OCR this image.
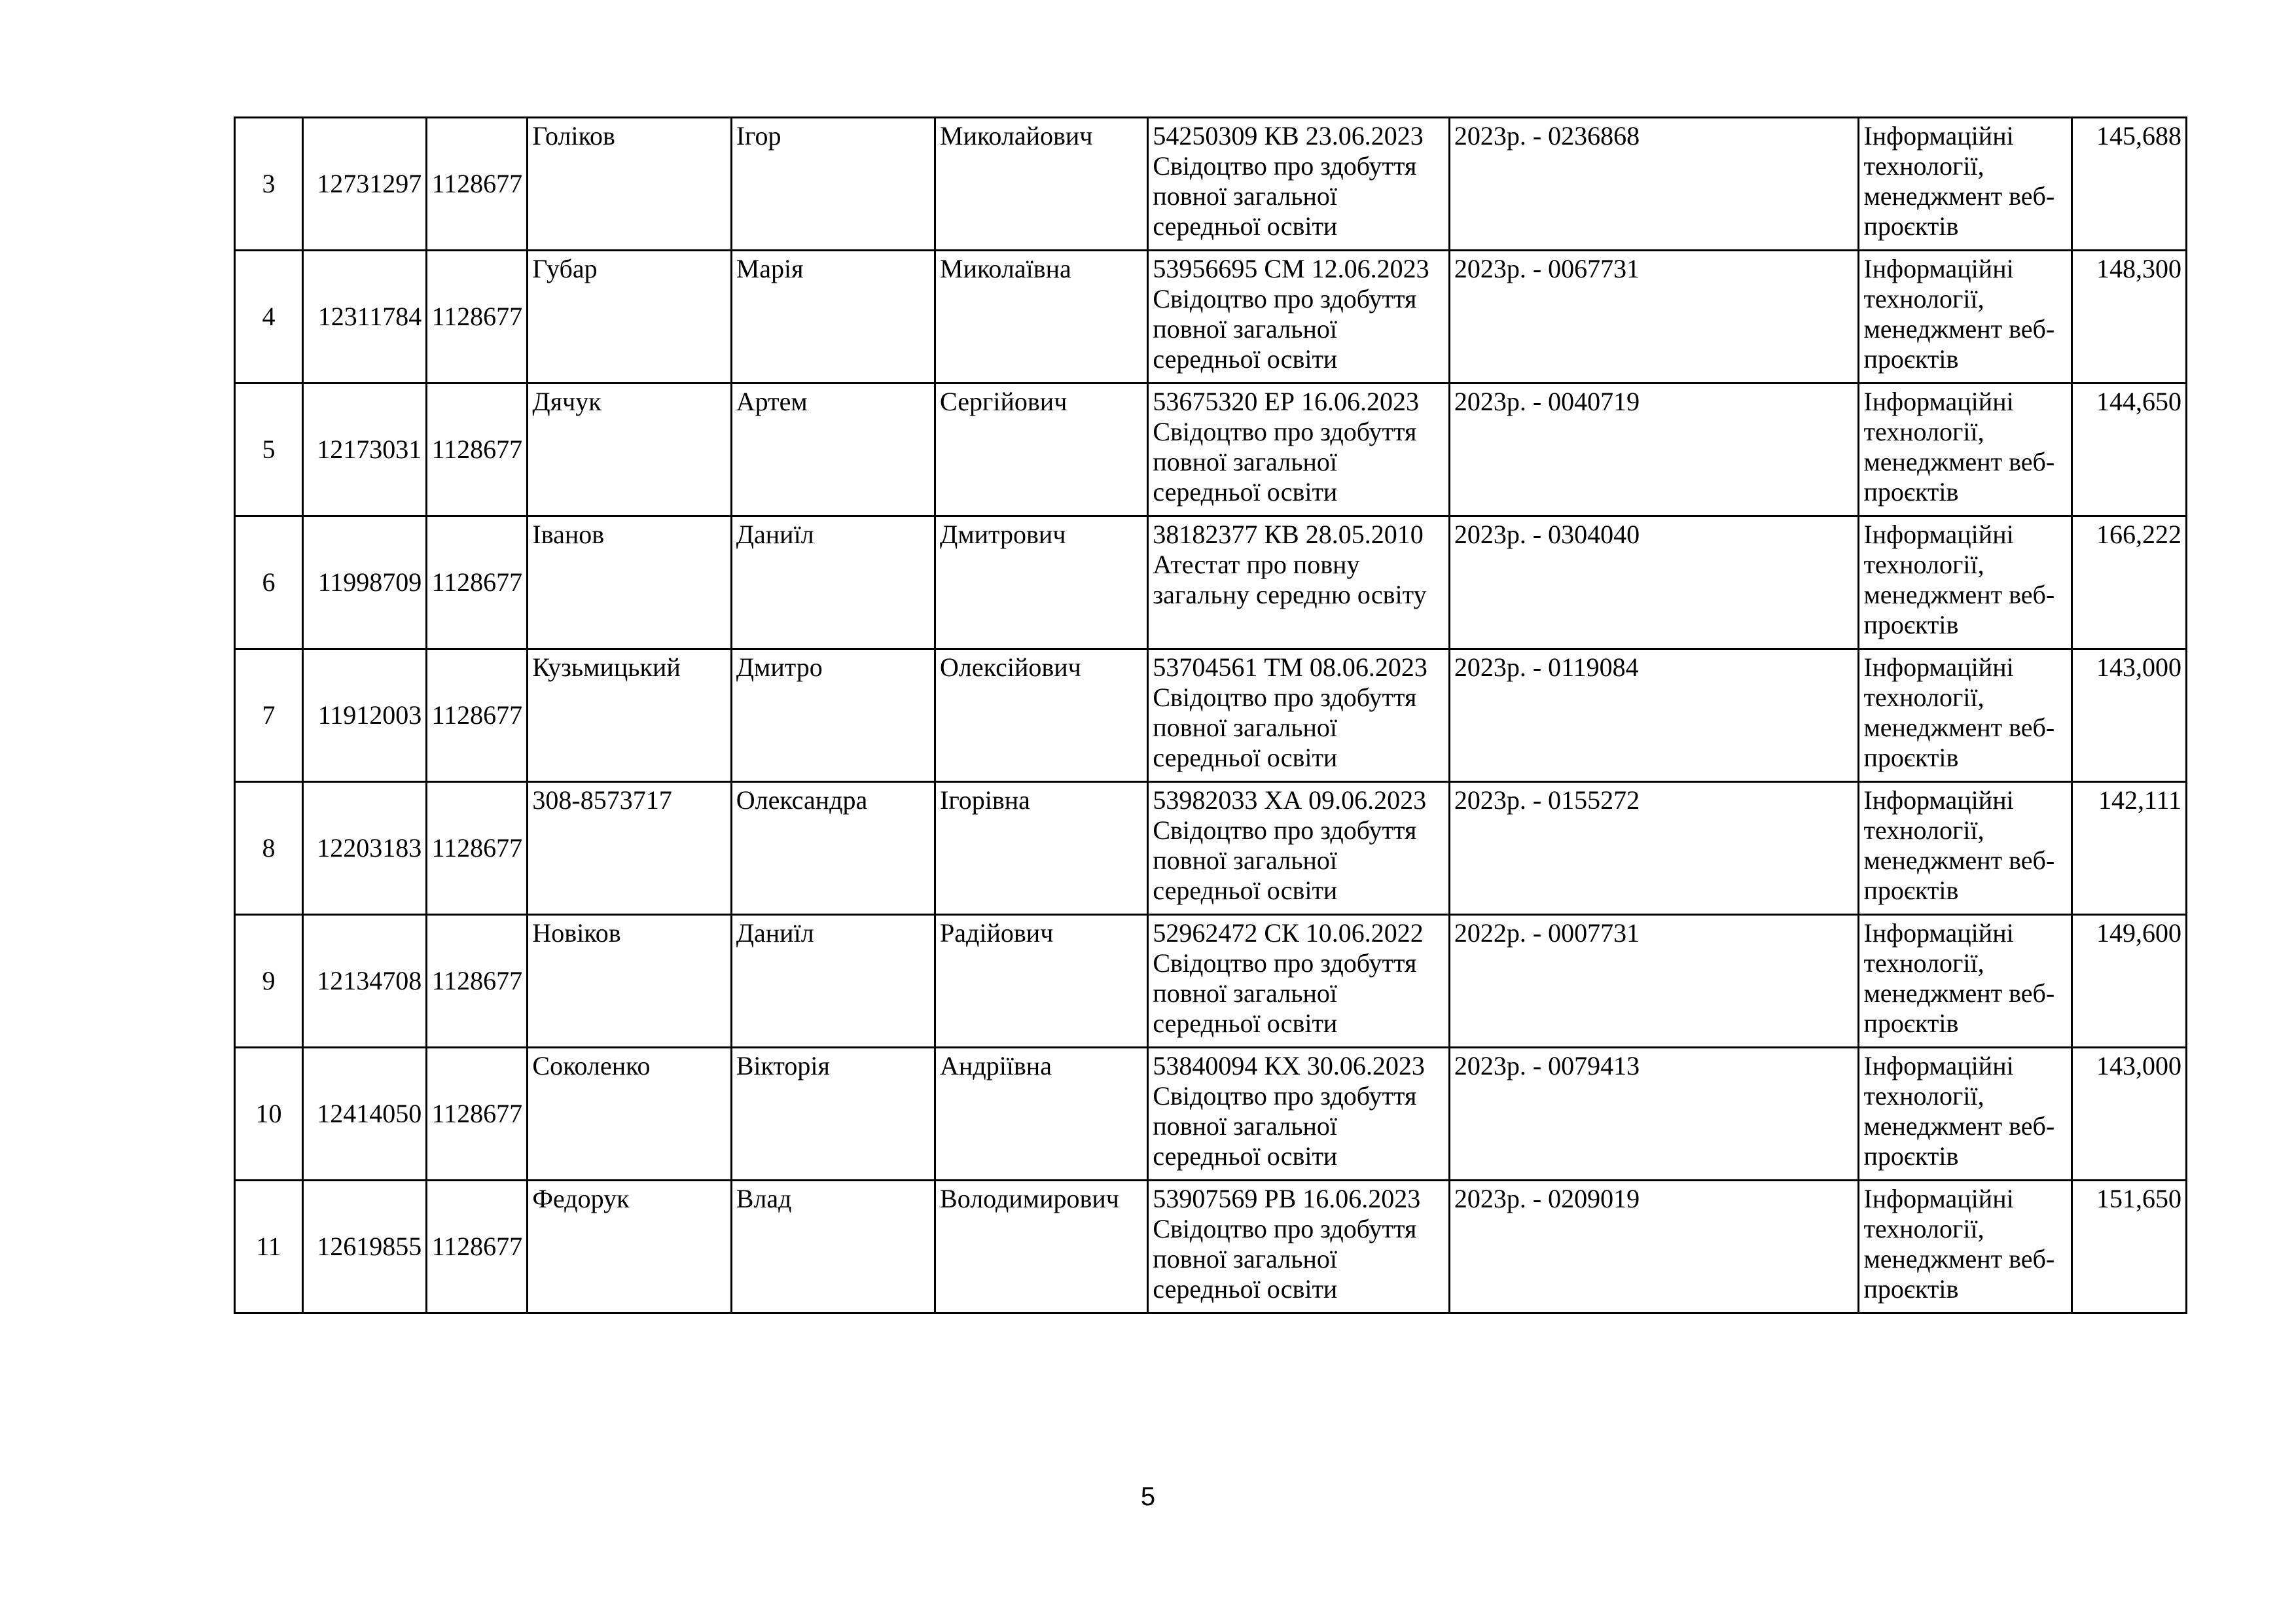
3	12731297	1128677	Голіков	Ігор	Миколайович	54250309 КВ 23.06.2023 Свідоцтво про здобуття повної загальної середньої освіти	2023р. - 0236868	Інформаційні технології, менеджмент веб-проєктів	145,688
4	12311784	1128677	Губар	Марія	Миколаївна	53956695 СМ 12.06.2023 Свідоцтво про здобуття повної загальної середньої освіти	2023р. - 0067731	Інформаційні технології, менеджмент веб-проєктів	148,300
5	12173031	1128677	Дячук	Артем	Сергійович	53675320 ЕР 16.06.2023 Свідоцтво про здобуття повної загальної середньої освіти	2023р. - 0040719	Інформаційні технології, менеджмент веб-проєктів	144,650
6	11998709	1128677	Іванов	Даниїл	Дмитрович	38182377 КВ 28.05.2010 Атестат про повну загальну середню освіту	2023р. - 0304040	Інформаційні технології, менеджмент веб-проєктів	166,222
7	11912003	1128677	Кузьмицький	Дмитро	Олексійович	53704561 ТМ 08.06.2023 Свідоцтво про здобуття повної загальної середньої освіти	2023р. - 0119084	Інформаційні технології, менеджмент веб-проєктів	143,000
8	12203183	1128677	308-8573717	Олександра	Ігорівна	53982033 ХА 09.06.2023 Свідоцтво про здобуття повної загальної середньої освіти	2023р. - 0155272	Інформаційні технології, менеджмент веб-проєктів	142,111
9	12134708	1128677	Новіков	Даниїл	Радійович	52962472 СК 10.06.2022 Свідоцтво про здобуття повної загальної середньої освіти	2022р. - 0007731	Інформаційні технології, менеджмент веб-проєктів	149,600
10	12414050	1128677	Соколенко	Вікторія	Андріївна	53840094 КХ 30.06.2023 Свідоцтво про здобуття повної загальної середньої освіти	2023р. - 0079413	Інформаційні технології, менеджмент веб-проєктів	143,000
11	12619855	1128677	Федорук	Влад	Володимирович	53907569 РВ 16.06.2023 Свідоцтво про здобуття повної загальної середньої освіти	2023р. - 0209019	Інформаційні технології, менеджмент веб-проєктів	151,650
5
